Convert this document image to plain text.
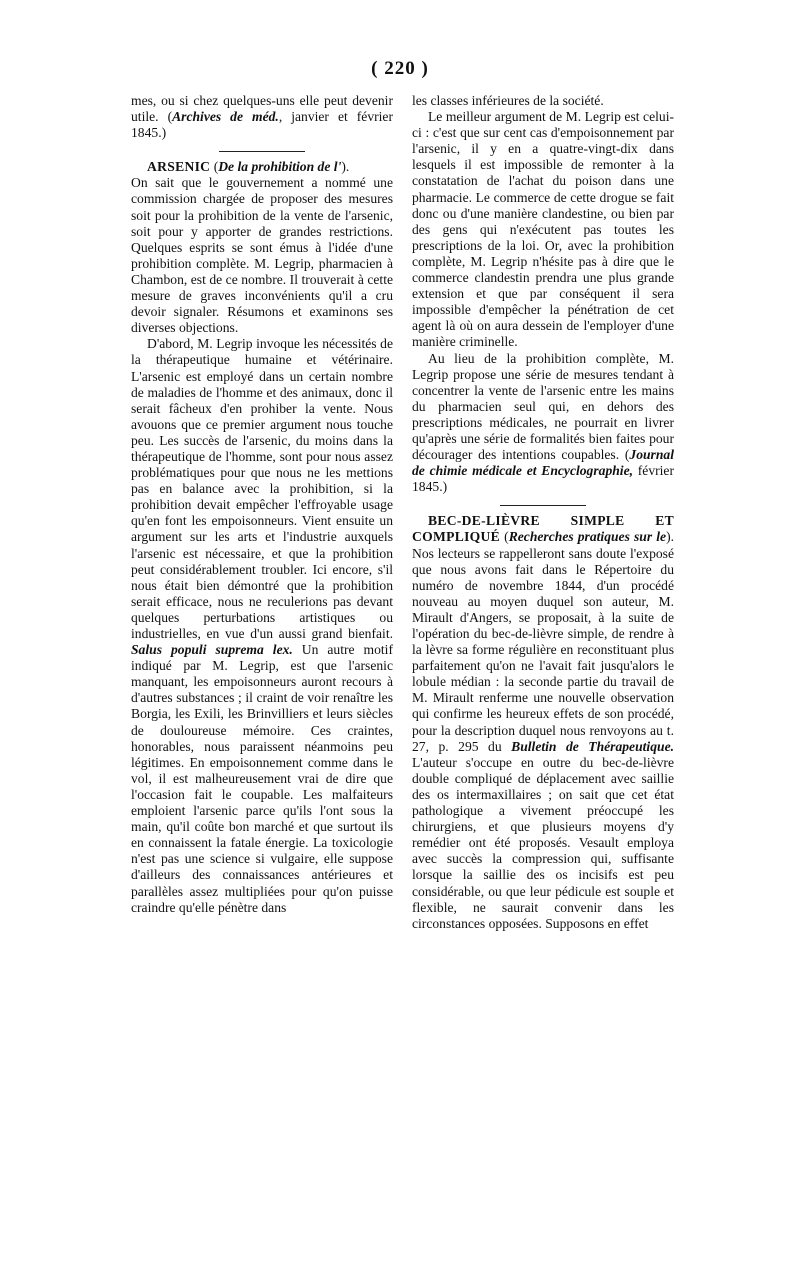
( 220 )

mes, ou si chez quelques-uns elle peut devenir utile. (Archives de méd., janvier et février 1845.)

ARSENIC (De la prohibition de l').

On sait que le gouvernement a nommé une commission chargée de proposer des mesures soit pour la prohibition de la vente de l'arsenic, soit pour y apporter de grandes restrictions. Quelques esprits se sont émus à l'idée d'une prohibition complète. M. Legrip, pharmacien à Chambon, est de ce nombre. Il trouverait à cette mesure de graves inconvénients qu'il a cru devoir signaler. Résumons et examinons ses diverses objections.

D'abord, M. Legrip invoque les nécessités de la thérapeutique humaine et vétérinaire. L'arsenic est employé dans un certain nombre de maladies de l'homme et des animaux, donc il serait fâcheux d'en prohiber la vente. Nous avouons que ce premier argument nous touche peu. Les succès de l'arsenic, du moins dans la thérapeutique de l'homme, sont pour nous assez problématiques pour que nous ne les mettions pas en balance avec la prohibition, si la prohibition devait empêcher l'effroyable usage qu'en font les empoisonneurs. Vient ensuite un argument sur les arts et l'industrie auxquels l'arsenic est nécessaire, et que la prohibition peut considérablement troubler. Ici encore, s'il nous était bien démontré que la prohibition serait efficace, nous ne reculerions pas devant quelques perturbations artistiques ou industrielles, en vue d'un aussi grand bienfait. Salus populi suprema lex. Un autre motif indiqué par M. Legrip, est que l'arsenic manquant, les empoisonneurs auront recours à d'autres substances ; il craint de voir renaître les Borgia, les Exili, les Brinvilliers et leurs siècles de douloureuse mémoire. Ces craintes, honorables, nous paraissent néanmoins peu légitimes. En empoisonnement comme dans le vol, il est malheureusement vrai de dire que l'occasion fait le coupable. Les malfaiteurs emploient l'arsenic parce qu'ils l'ont sous la main, qu'il coûte bon marché et que surtout ils en connaissent la fatale énergie. La toxicologie n'est pas une science si vulgaire, elle suppose d'ailleurs des connaissances antérieures et parallèles assez multipliées pour qu'on puisse craindre qu'elle pénètre dans

les classes inférieures de la société.

Le meilleur argument de M. Legrip est celui-ci : c'est que sur cent cas d'empoisonnement par l'arsenic, il y en a quatre-vingt-dix dans lesquels il est impossible de remonter à la constatation de l'achat du poison dans une pharmacie. Le commerce de cette drogue se fait donc ou d'une manière clandestine, ou bien par des gens qui n'exécutent pas toutes les prescriptions de la loi. Or, avec la prohibition complète, M. Legrip n'hésite pas à dire que le commerce clandestin prendra une plus grande extension et que par conséquent il sera impossible d'empêcher la pénétration de cet agent là où on aura dessein de l'employer d'une manière criminelle.

Au lieu de la prohibition complète, M. Legrip propose une série de mesures tendant à concentrer la vente de l'arsenic entre les mains du pharmacien seul qui, en dehors des prescriptions médicales, ne pourrait en livrer qu'après une série de formalités bien faites pour décourager des intentions coupables. (Journal de chimie médicale et Encyclographie, février 1845.)

BEC-DE-LIÈVRE SIMPLE ET COMPLIQUÉ (Recherches pratiques sur le). Nos lecteurs se rappelleront sans doute l'exposé que nous avons fait dans le Répertoire du numéro de novembre 1844, d'un procédé nouveau au moyen duquel son auteur, M. Mirault d'Angers, se proposait, à la suite de l'opération du bec-de-lièvre simple, de rendre à la lèvre sa forme régulière en reconstituant plus parfaitement qu'on ne l'avait fait jusqu'alors le lobule médian : la seconde partie du travail de M. Mirault renferme une nouvelle observation qui confirme les heureux effets de son procédé, pour la description duquel nous renvoyons au t. 27, p. 295 du Bulletin de Thérapeutique. L'auteur s'occupe en outre du bec-de-lièvre double compliqué de déplacement avec saillie des os intermaxillaires ; on sait que cet état pathologique a vivement préoccupé les chirurgiens, et que plusieurs moyens d'y remédier ont été proposés. Vesault employa avec succès la compression qui, suffisante lorsque la saillie des os incisifs est peu considérable, ou que leur pédicule est souple et flexible, ne saurait convenir dans les circonstances opposées. Supposons en effet
